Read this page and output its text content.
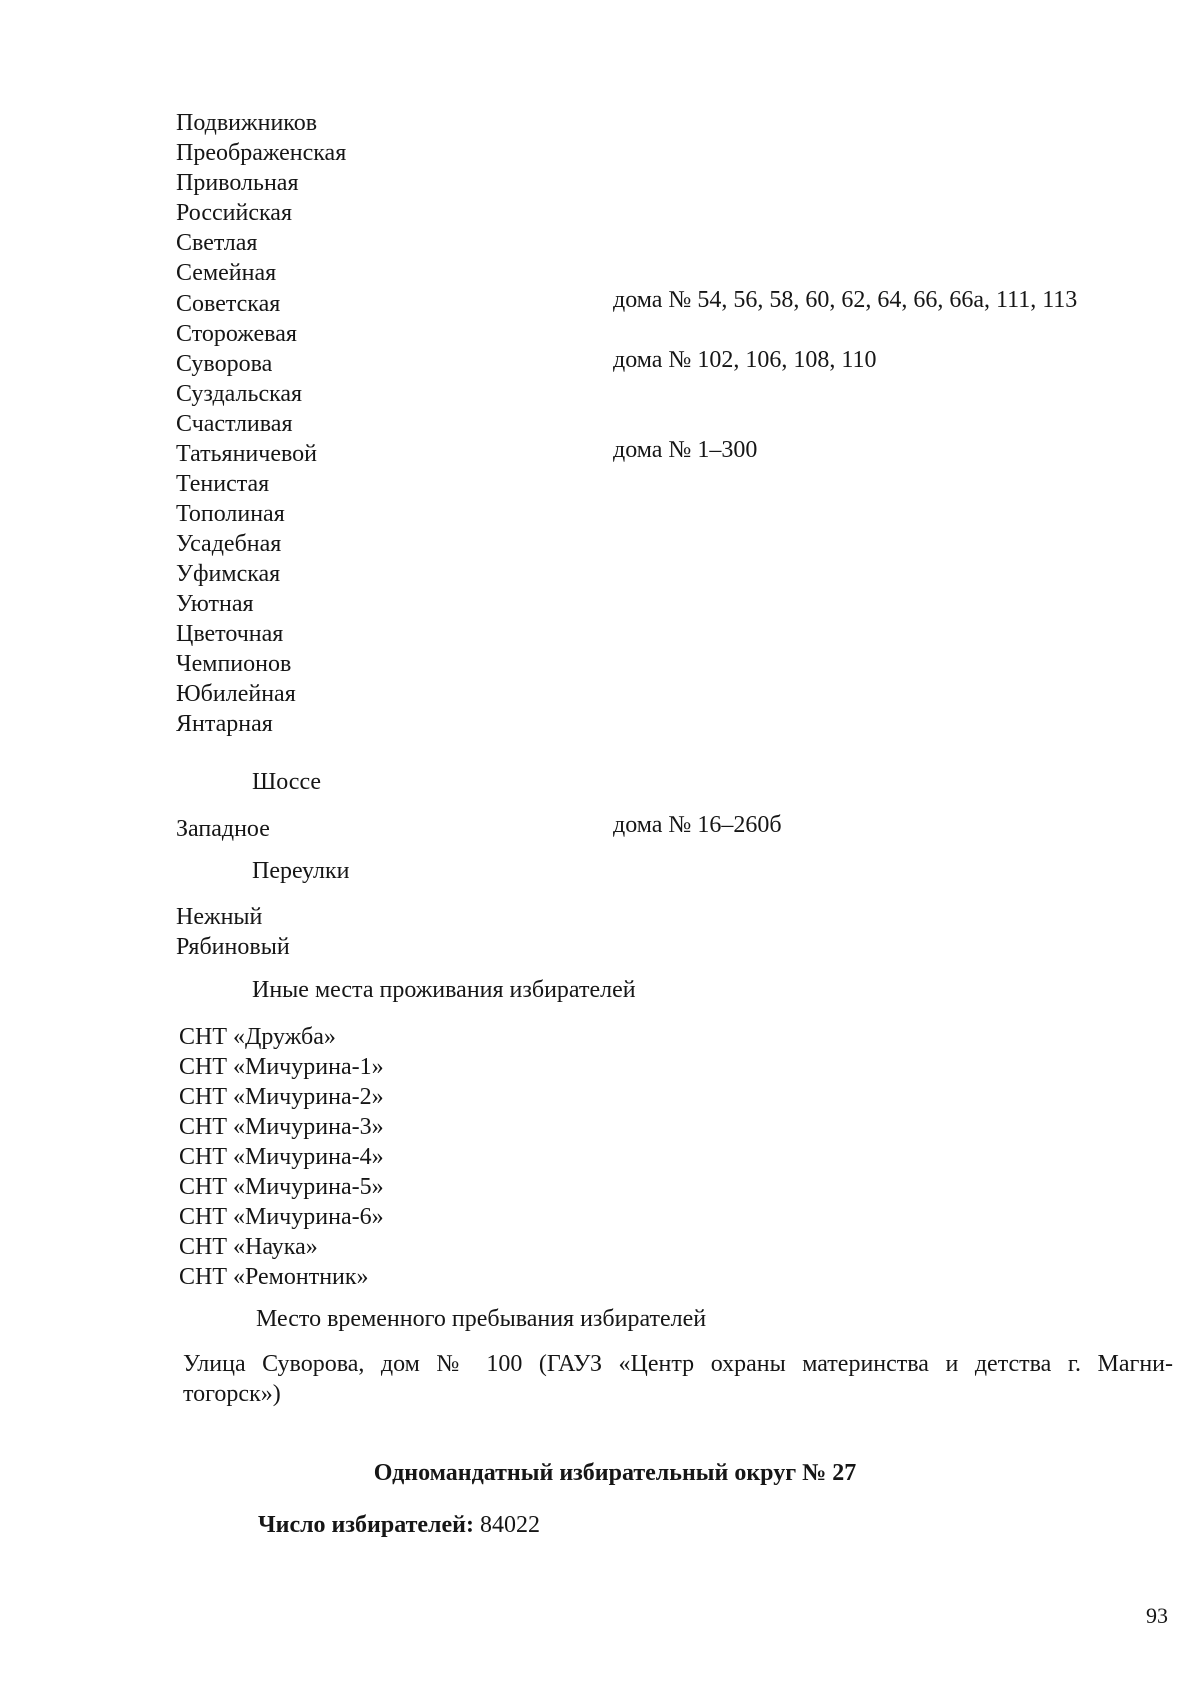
Подвижников
Преображенская
Привольная
Российская
Светлая
Семейная
Советская	дома № 54, 56, 58, 60, 62, 64, 66, 66а, 111, 113
Сторожевая
Суворова	дома № 102, 106, 108, 110
Суздальская
Счастливая
Татьяничевой	дома № 1–300
Тенистая
Тополиная
Усадебная
Уфимская
Уютная
Цветочная
Чемпионов
Юбилейная
Янтарная
Шоссе
Западное	дома № 16–260б
Переулки
Нежный
Рябиновый
Иные места проживания избирателей
СНТ «Дружба»
СНТ «Мичурина-1»
СНТ «Мичурина-2»
СНТ «Мичурина-3»
СНТ «Мичурина-4»
СНТ «Мичурина-5»
СНТ «Мичурина-6»
СНТ «Наука»
СНТ «Ремонтник»
Место временного пребывания избирателей

Улица Суворова, дом № 100 (ГАУЗ «Центр охраны материнства и детства г. Магни-

тогорск»)

Одномандатный избирательный округ № 27
Число избирателей: 84022
93
